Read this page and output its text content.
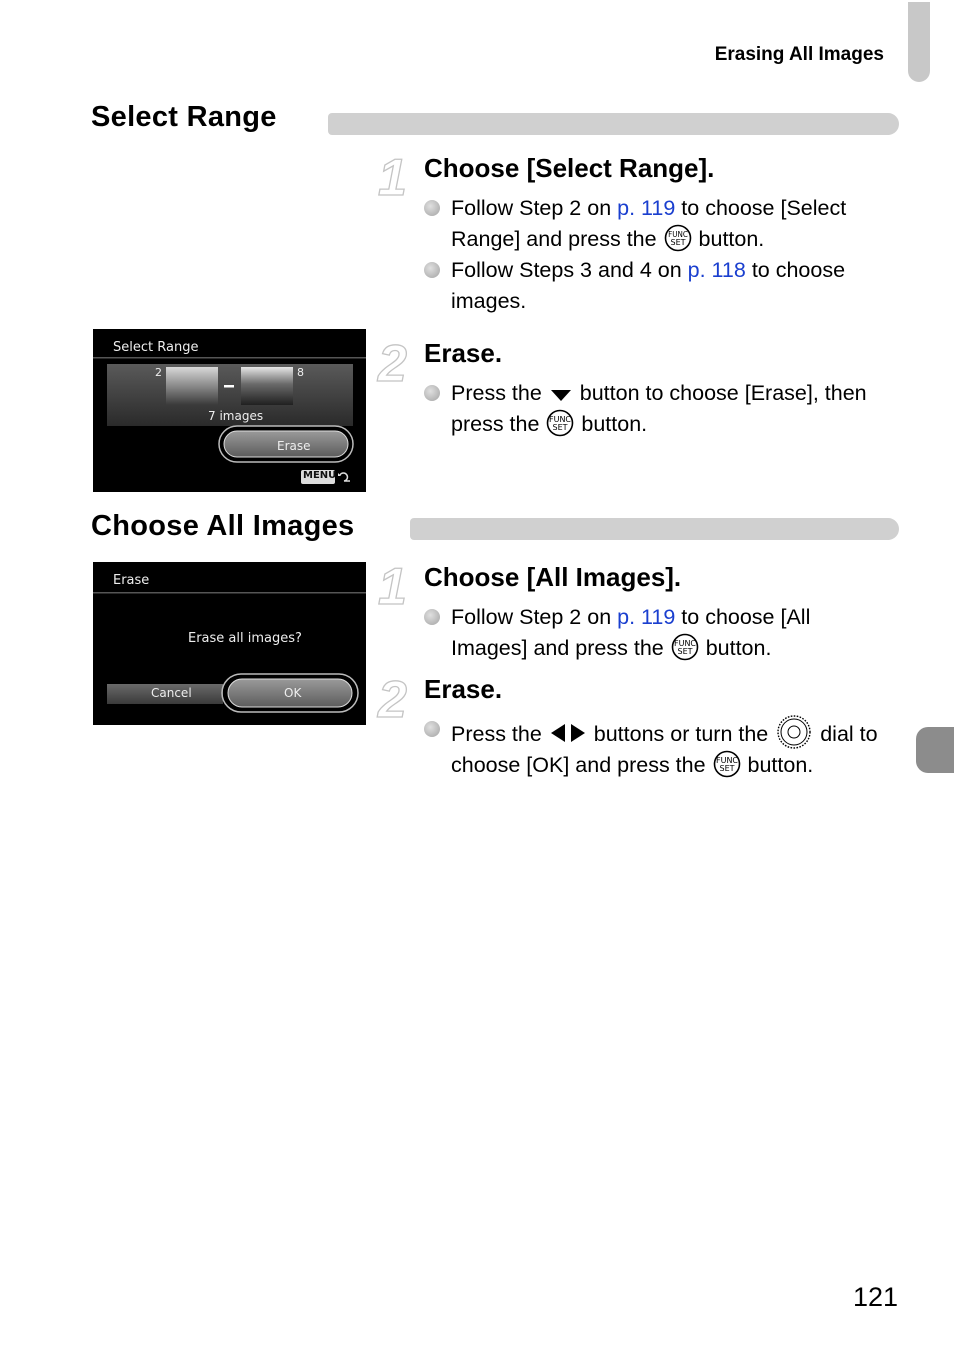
Erasing All Images
Select Range
1 Choose [Select Range].
Follow Step 2 on p. 119 to choose [Select Range] and press the FUNC
SET button.
Follow Steps 3 and 4 on p. 118 to choose images.
Select Range
2	8
7 images
Erase
MENU
2 Erase.
Press the  button to choose [Erase], then press the FUNC
SET button.
Choose All Images
Erase
Erase all images?
Cancel	OK
1 Choose [All Images].
Follow Step 2 on p. 119 to choose [All Images] and press the FUNC
SET button.
2 Erase.
Press the  buttons or turn the  dial to choose [OK] and press the FUNC
SET button.
121
